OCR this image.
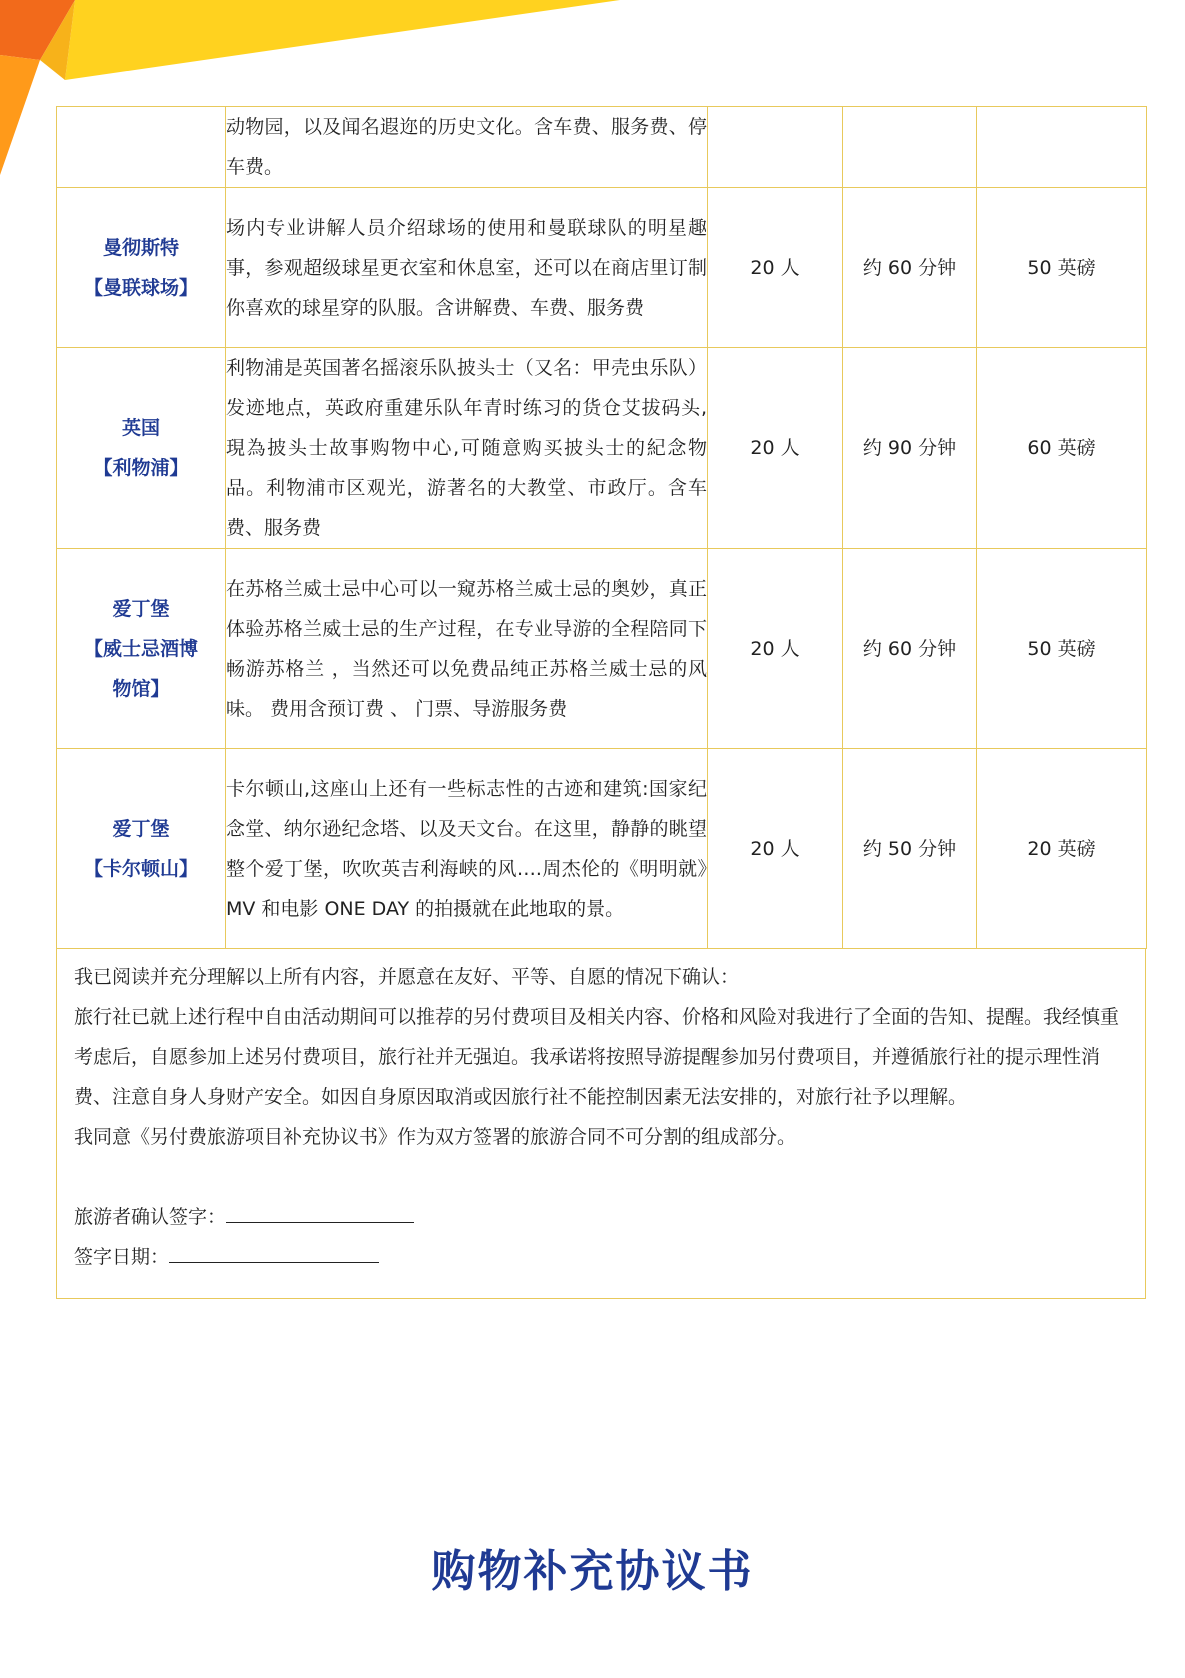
	动物园，以及闻名遐迩的历史文化。含车费、服务费、停车费。			

曼彻斯特
【曼联球场】	场内专业讲解人员介绍球场的使用和曼联球队的明星趣事，参观超级球星更衣室和休息室，还可以在商店里订制你喜欢的球星穿的队服。含讲解费、车费、服务费	20 人	约 60 分钟	50 英磅

英国
【利物浦】	利物浦是英国著名摇滚乐队披头士（又名：甲壳虫乐队）发迹地点，英政府重建乐队年青时练习的货仓艾拔码头,現為披头士故事购物中心,可随意购买披头士的紀念物品。利物浦市区观光，游著名的大教堂、市政厅。含车费、服务费	20 人	约 90 分钟	60 英磅

爱丁堡
【威士忌酒博
物馆】	在苏格兰威士忌中心可以一窥苏格兰威士忌的奥妙，真正体验苏格兰威士忌的生产过程，在专业导游的全程陪同下畅游苏格兰 ，当然还可以免费品纯正苏格兰威士忌的风味。 费用含预订费 、 门票、导游服务费	20 人	约 60 分钟	50 英磅

爱丁堡
【卡尔顿山】	卡尔顿山,这座山上还有一些标志性的古迹和建筑:国家纪念堂、纳尔逊纪念塔、以及天文台。在这里，静静的眺望整个爱丁堡，吹吹英吉利海峡的风….周杰伦的《明明就》MV 和电影 ONE DAY 的拍摄就在此地取的景。	20 人	约 50 分钟	20 英磅

我已阅读并充分理解以上所有内容，并愿意在友好、平等、自愿的情况下确认：

旅行社已就上述行程中自由活动期间可以推荐的另付费项目及相关内容、价格和风险对我进行了全面的告知、提醒。我经慎重考虑后，自愿参加上述另付费项目，旅行社并无强迫。我承诺将按照导游提醒参加另付费项目，并遵循旅行社的提示理性消费、注意自身人身财产安全。如因自身原因取消或因旅行社不能控制因素无法安排的，对旅行社予以理解。

我同意《另付费旅游项目补充协议书》作为双方签署的旅游合同不可分割的组成部分。

旅游者确认签字：

签字日期：

购物补充协议书
